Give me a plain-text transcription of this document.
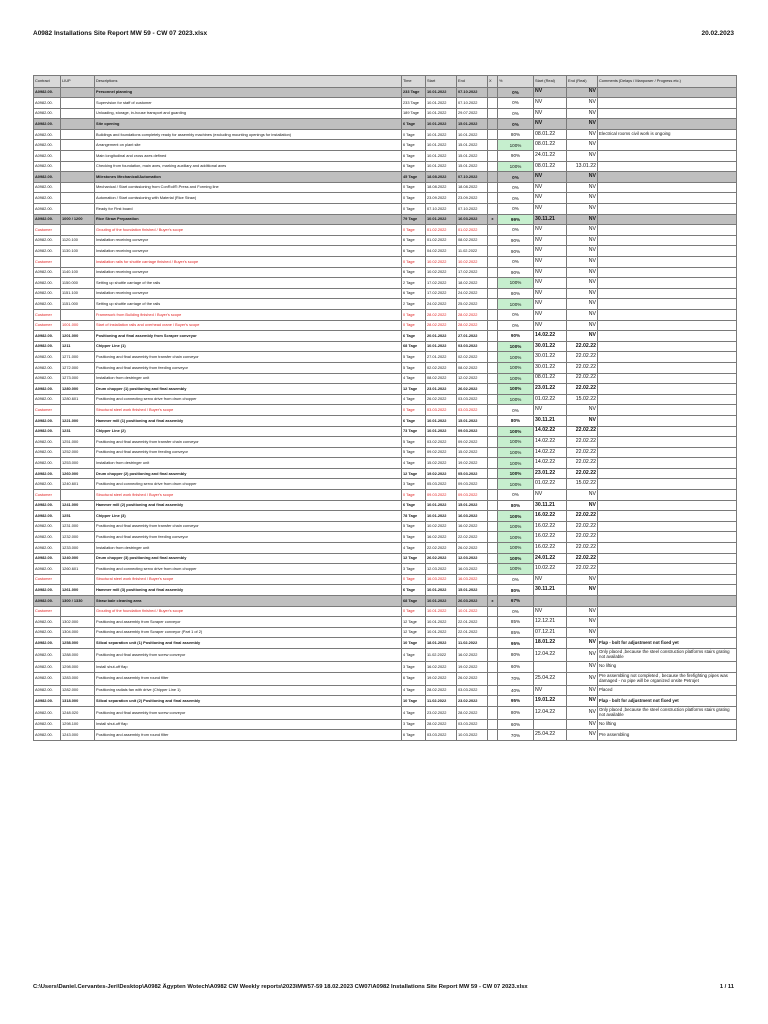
A0982 Installations Site Report MW 59 - CW 07 2023.xlsx	20.02.2023
Contract	LIUP	Descriptions	Time	Start	End	X	%	Start (Real)	End (Real)	Comments (Delays / Manpower / Progress etc.)
A0982.00.		Personnel planning	233 Tage	10.01.2022	07.10.2022		0%	NV	NV	
A0982.00.		Supervision for staff of customer	233 Tage	10.01.2022	07.10.2022		0%	NV	NV	
A0982.00.		Unloading, storage, in-house transport and guarding	189 Tage	10.01.2022	29.07.2022		0%	NV	NV	
A0982.00.		Site opening	6 Tage	10.01.2022	15.01.2022		0%	NV	NV	
A0982.00.		Buildings and foundations completely ready for assembly machines (excluding mounting openings for installation)	0 Tage	10.01.2022	10.01.2022		80%	08.01.22	NV	Electrical rooms civil work is ongoing
A0982.00.		Arrangement on plant site	6 Tage	10.01.2022	15.01.2022		100%	08.01.22	NV	
A0982.00.		Main longitudinal and cross axes defined	6 Tage	10.01.2022	15.01.2022		90%	24.01.22	NV	
A0982.00.		Checking from foundation, main axes, marking auxiliary and additional axes	6 Tage	10.01.2022	15.01.2022		100%	08.01.22	13.01.22	
A0982.00.		Milestones Mechanical/Automation	45 Tage	18.08.2022	07.10.2022		0%	NV	NV	
A0982.00.		Mechanical / Start comissioning from ConRoll®-Press and Forming line	0 Tage	18.08.2022	18.08.2022		0%	NV	NV	
A0982.00.		Automation / Start comissioning with Material (Rice Straw)	0 Tage	23.09.2022	23.09.2022		0%	NV	NV	
A0982.00.		Ready for First board	0 Tage	07.10.2022	07.10.2022		0%	NV	NV	
A0982.00.	1000 / 1200	Rice Straw Preparation	79 Tage	10.01.2022	16.03.2022	x	99%	30.11.21	NV	
Customer		Grouting of the foundation finished / Buyer's scope	0 Tage	01.02.2022	01.02.2022		0%	NV	NV	
A0982.00.	1120.100	Installation receiving conveyor	6 Tage	01.02.2022	08.02.2022		90%	NV	NV	
A0982.00.	1130.100	Installation receiving conveyor	6 Tage	04.02.2022	11.02.2022		90%	NV	NV	
Customer		Installation rails for shuttle carriage finished / Buyer's scope	0 Tage	10.02.2022	10.02.2022		0%	NV	NV	
A0982.00.	1140.100	Installation receiving conveyor	6 Tage	10.02.2022	17.02.2022		90%	NV	NV	
A0982.00.	1150.000	Setting up shuttle carriage of the rails	2 Tage	17.02.2022	18.02.2022		100%	NV	NV	
A0982.00.	1151.100	Installation receiving conveyor	6 Tage	17.02.2022	24.02.2022		80%	NV	NV	
A0982.00.	1151.000	Setting up shuttle carriage of the rails	2 Tage	24.02.2022	25.02.2022		100%	NV	NV	
Customer		Framework from Building finished / Buyer's scope	0 Tage	28.02.2022	28.02.2022		0%	NV	NV	
Customer	1001.000	Start of installation rails and overhead crane / Buyer's scope	0 Tage	28.02.2022	28.02.2022		0%	NV	NV	
A0982.00.	1201.000	Positioning and final assembly from Scraper conveyor	6 Tage	20.01.2022	27.01.2022		90%	14.02.22	NV	
A0982.00.	1211	Chipper Line (1)	68 Tage	10.01.2022	03.03.2022		100%	30.01.22	22.02.22	
A0982.00.	1271.000	Positioning and final assembly from transfer chain conveyor	5 Tage	27.01.2022	02.02.2022		100%	30.01.22	22.02.22	
A0982.00.	1272.000	Positioning and final assembly from feeding conveyor	5 Tage	02.02.2022	08.02.2022		100%	30.01.22	22.02.22	
A0982.00.	1273.000	Installation from destringer unit	4 Tage	08.02.2022	12.02.2022		100%	08.01.22	22.02.22	
A0982.00.	1280.000	Drum chopper (1) positioning and final assembly	12 Tage	23.01.2022	26.02.2022		100%	23.01.22	22.02.22	
A0982.00.	1280.601	Positioning and connecting servo drive from drum chopper	4 Tage	26.02.2022	03.03.2022		100%	01.02.22	15.02.22	
Customer		Structural steel work finished / Buyer's scope	0 Tage	03.03.2022	03.03.2022		0%	NV	NV	
A0982.00.	1221.000	Hammer mill (1) positioning and final assembly	6 Tage	10.01.2022	15.01.2022		80%	30.11.21	NV	
A0982.00.	1231	Chipper Line (2)	73 Tage	10.01.2022	09.03.2022		100%	14.02.22	22.02.22	
A0982.00.	1251.000	Positioning and final assembly from transfer chain conveyor	5 Tage	03.02.2022	09.02.2022		100%	14.02.22	22.02.22	
A0982.00.	1252.000	Positioning and final assembly from feeding conveyor	5 Tage	09.02.2022	15.02.2022		100%	14.02.22	22.02.22	
A0982.00.	1253.000	Installation from destringer unit	4 Tage	15.02.2022	19.02.2022		100%	14.02.22	22.02.22	
A0982.00.	1260.000	Drum chopper (2) positioning and final assembly	12 Tage	19.02.2022	05.03.2022		100%	23.01.22	22.02.22	
A0982.00.	1240.601	Positioning and connecting servo drive from drum chopper	3 Tage	05.03.2022	09.03.2022		100%	01.02.22	15.02.22	
Customer		Structural steel work finished / Buyer's scope	0 Tage	09.03.2022	09.03.2022		0%	NV	NV	
A0982.00.	1241.000	Hammer mill (2) positioning and final assembly	6 Tage	10.01.2022	15.01.2022		80%	30.11.21	NV	
A0982.00.	1251	Chipper Line (3)	78 Tage	10.01.2022	16.03.2022		100%	16.02.22	22.02.22	
A0982.00.	1231.000	Positioning and final assembly from transfer chain conveyor	5 Tage	10.02.2022	16.02.2022		100%	16.02.22	22.02.22	
A0982.00.	1232.000	Positioning and final assembly from feeding conveyor	5 Tage	16.02.2022	22.02.2022		100%	16.02.22	22.02.22	
A0982.00.	1233.000	Installation from destringer unit	4 Tage	22.02.2022	26.02.2022		100%	16.02.22	22.02.22	
A0982.00.	1240.000	Drum chopper (3) positioning and final assembly	12 Tage	26.02.2022	12.03.2022		100%	24.01.22	22.02.22	
A0982.00.	1260.601	Positioning and connecting servo drive from drum chopper	3 Tage	12.03.2022	16.03.2022		100%	10.02.22	22.02.22	
Customer		Structural steel work finished / Buyer's scope	0 Tage	16.03.2022	16.03.2022		0%	NV	NV	
A0982.00.	1261.000	Hammer mill (3) positioning and final assembly	6 Tage	10.01.2022	15.01.2022		80%	30.11.21	NV	
A0982.00.	1300 / 1330	Straw bale cleaning area	68 Tage	10.01.2022	26.03.2022	x	67%			
Customer		Grouting of the foundation finished / Buyer's scope	0 Tage	10.01.2022	10.01.2022		0%	NV	NV	
A0982.00.	1302.000	Positioning and assembly from Scraper conveyor	12 Tage	10.01.2022	22.01.2022		85%	12.12.21	NV	
A0982.00.	1304.000	Positioning and assembly from Scraper conveyor (Part 1 of 2)	12 Tage	10.01.2022	22.01.2022		85%	07.12.21	NV	
A0982.00.	1258.000	Silical separation unit (1) Positioning and final assembly	10 Tage	18.01.2022	11.02.2022		95%	18.01.22	NV	Flap - bolt for adjustment not fixed yet
A0982.00.	1288.000	Positioning and final assembly from screw conveyor	4 Tage	11.02.2022	16.02.2022		80%	12.04.22	NV	Only placed ,because the steel construction platforms stairs grating not available
A0982.00.	1298.000	Install shut-off flap	3 Tage	16.02.2022	19.02.2022		60%		NV	No lifting
A0982.00.	1283.000	Positioning and assembly from round filter	6 Tage	19.02.2022	26.02.2022		70%	25.04.22	NV	Pre assembling not completed , because the firefighting pipes was damaged - no pipe will be organized onsite Petrojet
A0982.00.	1282.000	Positioning radials fan with drive (Chipper Line 1)	4 Tage	28.02.2022	03.03.2022		40%	NV	NV	Placed
A0982.00.	1318.000	Silical separation unit (2) Positioning and final assembly	10 Tage	11.02.2022	23.02.2022		95%	19.01.22	NV	Flap - bolt for adjustment not fixed yet
A0982.00.	1248.020	Positioning and final assembly from screw conveyor	4 Tage	23.02.2022	28.02.2022		80%	12.04.22	NV	Only placed ,because the steel construction platforms stairs grating not available
A0982.00.	1298.100	Install shut-off flap	3 Tage	28.02.2022	03.03.2022		60%		NV	No lifting
A0982.00.	1243.000	Positioning and assembly from round filter	6 Tage	03.03.2022	10.03.2022		70%	25.04.22	NV	Pre assembling
C:\Users\Daniel.Cervantes-Jeri\Desktop\A0982 Ägypten Wotech\A0982 CW Weekly reports\2023\MW57-59 18.02.2023 CW07\A0982 Installations Site Report MW 59 - CW 07 2023.xlsx	1 / 11
